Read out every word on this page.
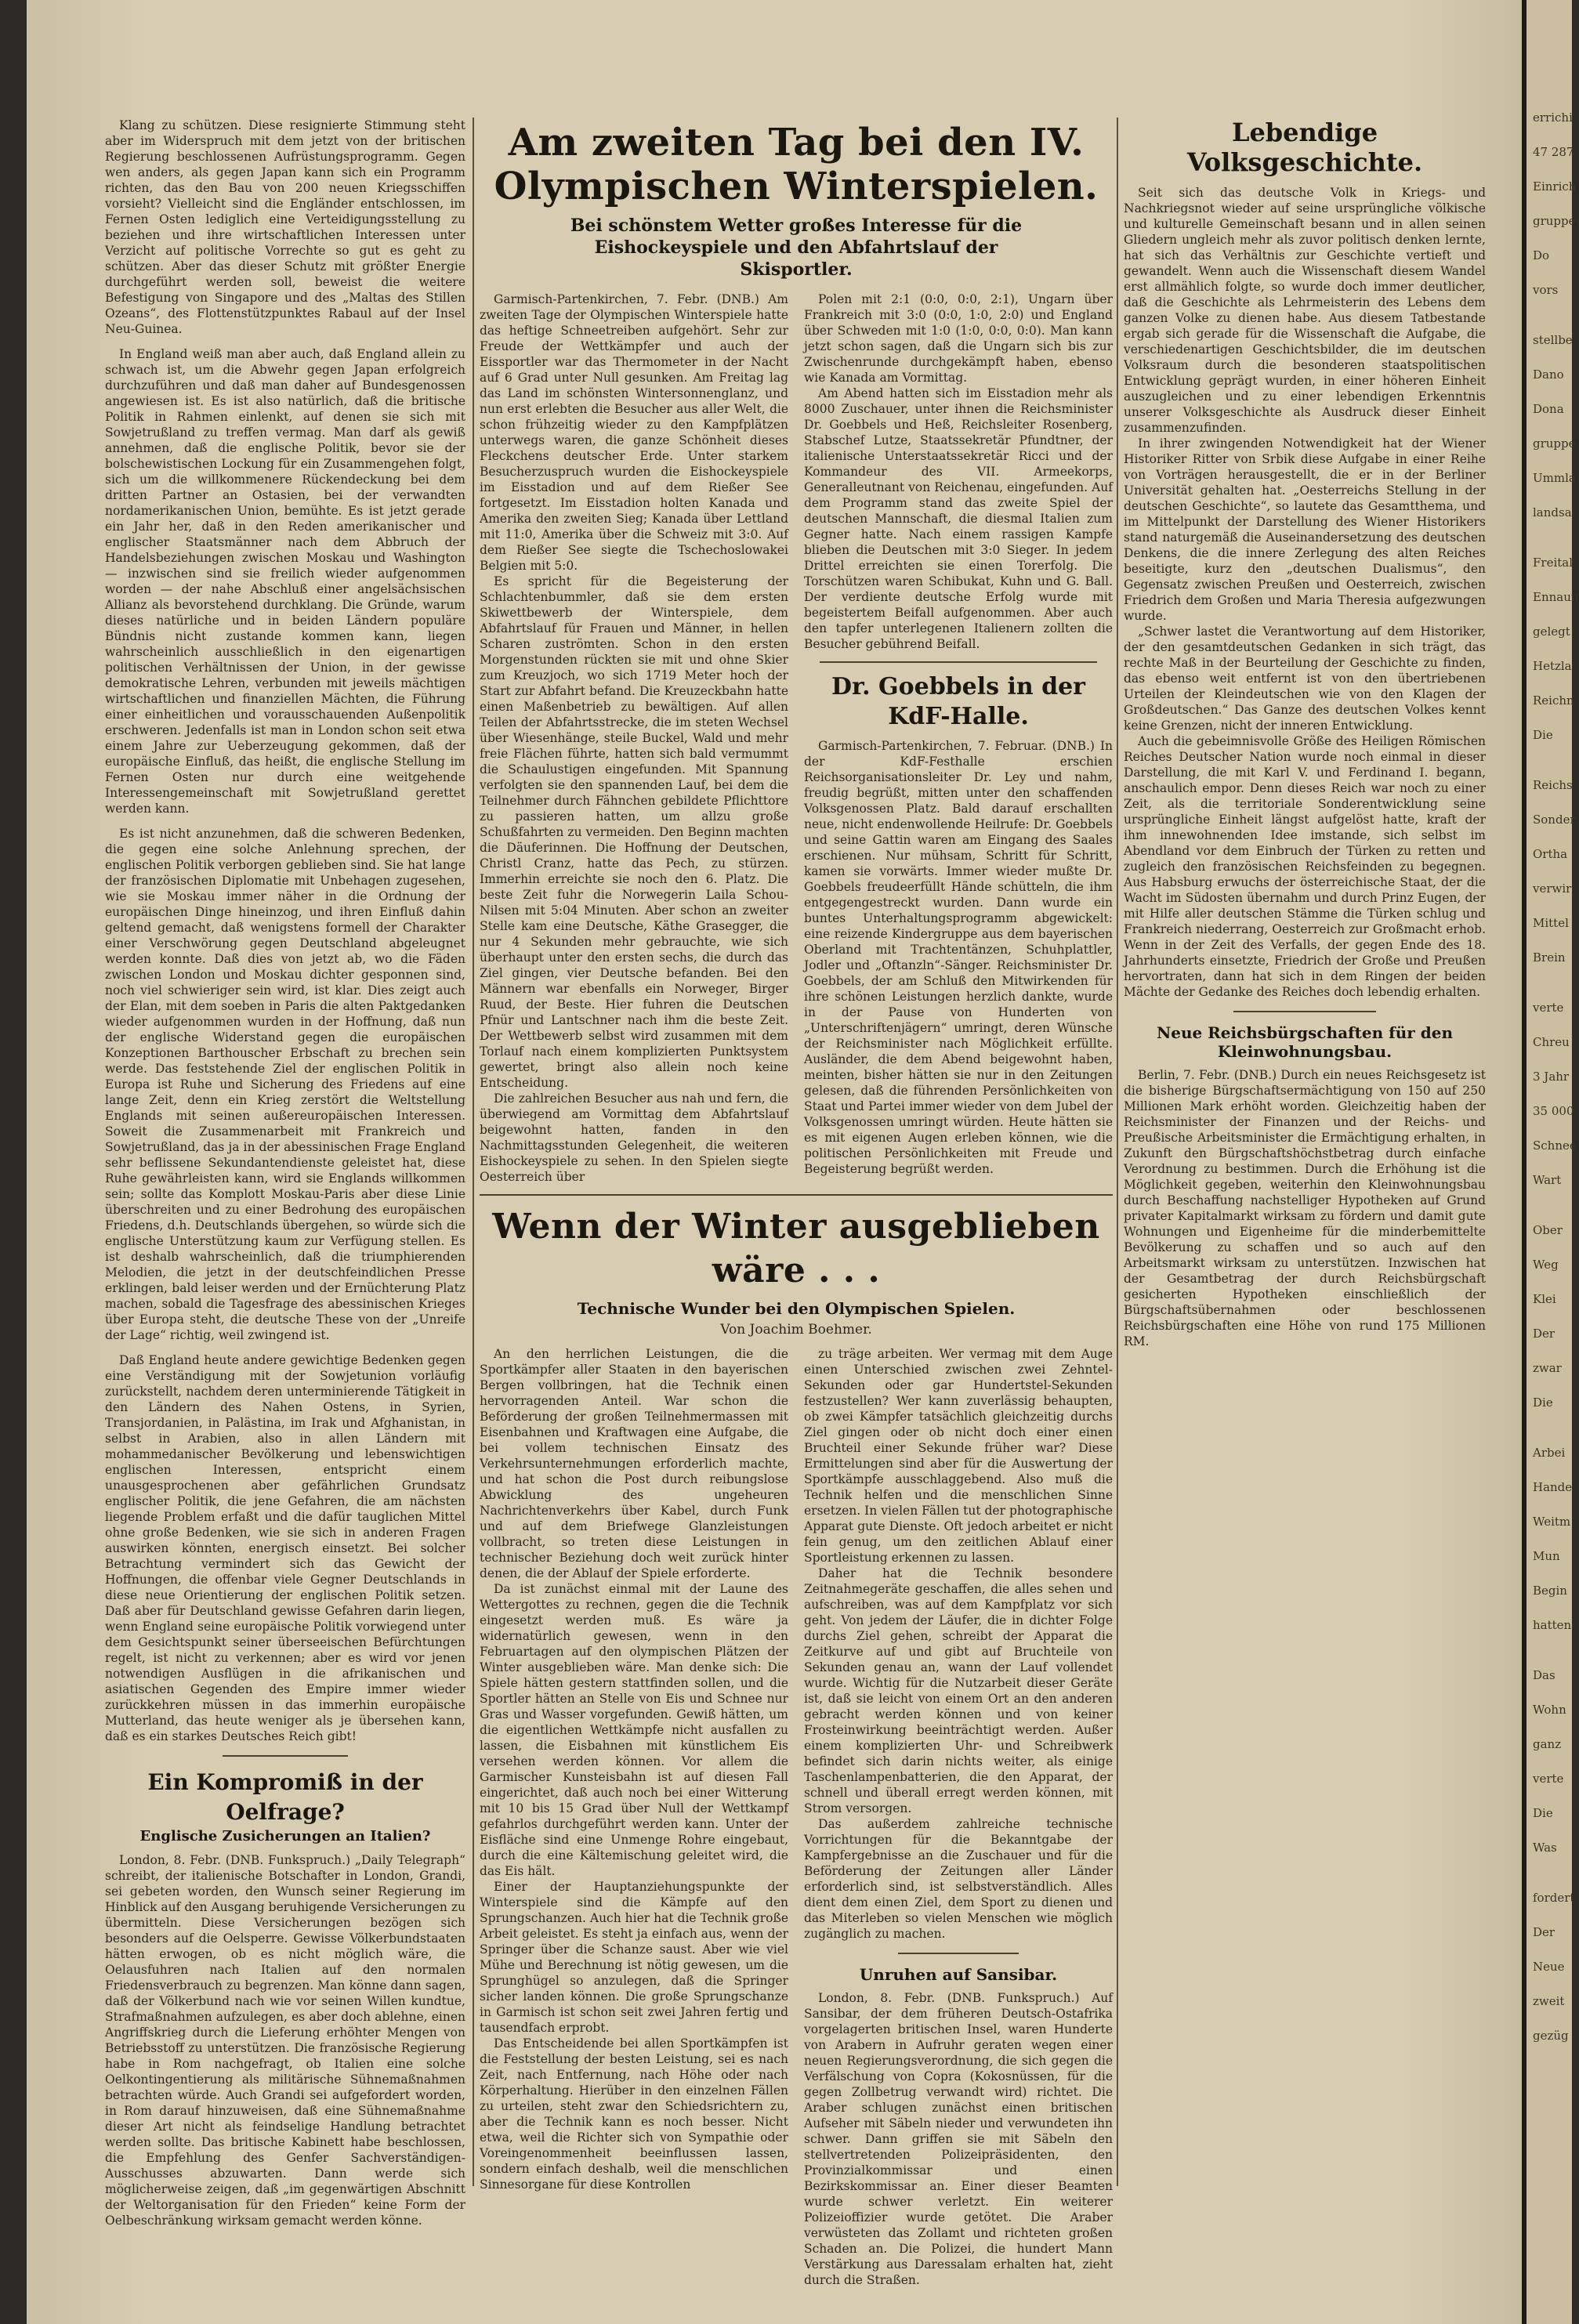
Klang zu schützen. Diese resignierte Stimmung steht aber im Widerspruch mit dem jetzt von der britischen Regierung beschlossenen Aufrüstungsprogramm. Gegen wen anders, als gegen Japan kann sich ein Programm richten, das den Bau von 200 neuen Kriegsschiffen vorsieht? Vielleicht sind die Engländer entschlossen, im Fernen Osten lediglich eine Verteidigungsstellung zu beziehen und ihre wirtschaftlichen Interessen unter Verzicht auf politische Vorrechte so gut es geht zu schützen. Aber das dieser Schutz mit größter Energie durchgeführt werden soll, beweist die weitere Befestigung von Singapore und des „Maltas des Stillen Ozeans“, des Flottenstützpunktes Rabaul auf der Insel Neu-Guinea.

In England weiß man aber auch, daß England allein zu schwach ist, um die Abwehr gegen Japan erfolgreich durchzuführen und daß man daher auf Bundesgenossen angewiesen ist. Es ist also natürlich, daß die britische Politik in Rahmen einlenkt, auf denen sie sich mit Sowjetrußland zu treffen vermag. Man darf als gewiß annehmen, daß die englische Politik, bevor sie der bolschewistischen Lockung für ein Zusammengehen folgt, sich um die willkommenere Rückendeckung bei dem dritten Partner an Ostasien, bei der verwandten nordamerikanischen Union, bemühte. Es ist jetzt gerade ein Jahr her, daß in den Reden amerikanischer und englischer Staatsmänner nach dem Abbruch der Handelsbeziehungen zwischen Moskau und Washington — inzwischen sind sie freilich wieder aufgenommen worden — der nahe Abschluß einer angelsächsischen Allianz als bevorstehend durchklang. Die Gründe, warum dieses natürliche und in beiden Ländern populäre Bündnis nicht zustande kommen kann, liegen wahrscheinlich ausschließlich in den eigenartigen politischen Verhältnissen der Union, in der gewisse demokratische Lehren, verbunden mit jeweils mächtigen wirtschaftlichen und finanziellen Mächten, die Führung einer einheitlichen und vorausschauenden Außenpolitik erschweren. Jedenfalls ist man in London schon seit etwa einem Jahre zur Ueberzeugung gekommen, daß der europäische Einfluß, das heißt, die englische Stellung im Fernen Osten nur durch eine weitgehende Interessengemeinschaft mit Sowjetrußland gerettet werden kann.

Es ist nicht anzunehmen, daß die schweren Bedenken, die gegen eine solche Anlehnung sprechen, der englischen Politik verborgen geblieben sind. Sie hat lange der französischen Diplomatie mit Unbehagen zugesehen, wie sie Moskau immer näher in die Ordnung der europäischen Dinge hineinzog, und ihren Einfluß dahin geltend gemacht, daß wenigstens formell der Charakter einer Verschwörung gegen Deutschland abgeleugnet werden konnte. Daß dies von jetzt ab, wo die Fäden zwischen London und Moskau dichter gesponnen sind, noch viel schwieriger sein wird, ist klar. Dies zeigt auch der Elan, mit dem soeben in Paris die alten Paktgedanken wieder aufgenommen wurden in der Hoffnung, daß nun der englische Widerstand gegen die europäischen Konzeptionen Barthouscher Erbschaft zu brechen sein werde. Das feststehende Ziel der englischen Politik in Europa ist Ruhe und Sicherung des Friedens auf eine lange Zeit, denn ein Krieg zerstört die Weltstellung Englands mit seinen außereuropäischen Interessen. Soweit die Zusammenarbeit mit Frankreich und Sowjetrußland, das ja in der abessinischen Frage England sehr beflissene Sekundantendienste geleistet hat, diese Ruhe gewährleisten kann, wird sie Englands willkommen sein; sollte das Komplott Moskau-Paris aber diese Linie überschreiten und zu einer Bedrohung des europäischen Friedens, d.h. Deutschlands übergehen, so würde sich die englische Unterstützung kaum zur Verfügung stellen. Es ist deshalb wahrscheinlich, daß die triumphierenden Melodien, die jetzt in der deutschfeindlichen Presse erklingen, bald leiser werden und der Ernüchterung Platz machen, sobald die Tagesfrage des abessinischen Krieges über Europa steht, die deutsche These von der „Unreife der Lage“ richtig, weil zwingend ist.

Daß England heute andere gewichtige Bedenken gegen eine Verständigung mit der Sowjetunion vorläufig zurückstellt, nachdem deren unterminierende Tätigkeit in den Ländern des Nahen Ostens, in Syrien, Transjordanien, in Palästina, im Irak und Afghanistan, in selbst in Arabien, also in allen Ländern mit mohammedanischer Bevölkerung und lebenswichtigen englischen Interessen, entspricht einem unausgesprochenen aber gefährlichen Grundsatz englischer Politik, die jene Gefahren, die am nächsten liegende Problem erfaßt und die dafür tauglichen Mittel ohne große Bedenken, wie sie sich in anderen Fragen auswirken könnten, energisch einsetzt. Bei solcher Betrachtung vermindert sich das Gewicht der Hoffnungen, die offenbar viele Gegner Deutschlands in diese neue Orientierung der englischen Politik setzen. Daß aber für Deutschland gewisse Gefahren darin liegen, wenn England seine europäische Politik vorwiegend unter dem Gesichtspunkt seiner überseeischen Befürchtungen regelt, ist nicht zu verkennen; aber es wird vor jenen notwendigen Ausflügen in die afrikanischen und asiatischen Gegenden des Empire immer wieder zurückkehren müssen in das immerhin europäische Mutterland, das heute weniger als je übersehen kann, daß es ein starkes Deutsches Reich gibt!

Ein Kompromiß in der Oelfrage?
Englische Zusicherungen an Italien?

London, 8. Febr. (DNB. Funkspruch.) „Daily Telegraph“ schreibt, der italienische Botschafter in London, Grandi, sei gebeten worden, den Wunsch seiner Regierung im Hinblick auf den Ausgang beruhigende Versicherungen zu übermitteln. Diese Versicherungen bezögen sich besonders auf die Oelsperre. Gewisse Völkerbundstaaten hätten erwogen, ob es nicht möglich wäre, die Oelausfuhren nach Italien auf den normalen Friedensverbrauch zu begrenzen. Man könne dann sagen, daß der Völkerbund nach wie vor seinen Willen kundtue, Strafmaßnahmen aufzulegen, es aber doch ablehne, einen Angriffskrieg durch die Lieferung erhöhter Mengen von Betriebsstoff zu unterstützen. Die französische Regierung habe in Rom nachgefragt, ob Italien eine solche Oelkontingentierung als militärische Sühnemaßnahmen betrachten würde. Auch Grandi sei aufgefordert worden, in Rom darauf hinzuweisen, daß eine Sühnemaßnahme dieser Art nicht als feindselige Handlung betrachtet werden sollte. Das britische Kabinett habe beschlossen, die Empfehlung des Genfer Sachverständigen-Ausschusses abzuwarten. Dann werde sich möglicherweise zeigen, daß „im gegenwärtigen Abschnitt der Weltorganisation für den Frieden“ keine Form der Oelbeschränkung wirksam gemacht werden könne.

Am zweiten Tag bei den IV. Olympischen Winterspielen.
Bei schönstem Wetter großes Interesse für die Eishockeyspiele und den Abfahrtslauf der Skisportler.

Garmisch-Partenkirchen, 7. Febr. (DNB.) Am zweiten Tage der Olympischen Winterspiele hatte das heftige Schneetreiben aufgehört. Sehr zur Freude der Wettkämpfer und auch der Eissportler war das Thermometer in der Nacht auf 6 Grad unter Null gesunken. Am Freitag lag das Land im schönsten Wintersonnenglanz, und nun erst erlebten die Besucher aus aller Welt, die schon frühzeitig wieder zu den Kampfplätzen unterwegs waren, die ganze Schönheit dieses Fleckchens deutscher Erde. Unter starkem Besucherzuspruch wurden die Eishockeyspiele im Eisstadion und auf dem Rießer See fortgesetzt. Im Eisstadion holten Kanada und Amerika den zweiten Sieg; Kanada über Lettland mit 11:0, Amerika über die Schweiz mit 3:0. Auf dem Rießer See siegte die Tschechoslowakei Belgien mit 5:0.

Es spricht für die Begeisterung der Schlachtenbummler, daß sie dem ersten Skiwettbewerb der Winterspiele, dem Abfahrtslauf für Frauen und Männer, in hellen Scharen zuströmten. Schon in den ersten Morgenstunden rückten sie mit und ohne Skier zum Kreuzjoch, wo sich 1719 Meter hoch der Start zur Abfahrt befand. Die Kreuzeckbahn hatte einen Maßenbetrieb zu bewältigen. Auf allen Teilen der Abfahrtsstrecke, die im steten Wechsel über Wiesenhänge, steile Buckel, Wald und mehr freie Flächen führte, hatten sich bald vermummt die Schaulustigen eingefunden. Mit Spannung verfolgten sie den spannenden Lauf, bei dem die Teilnehmer durch Fähnchen gebildete Pflichttore zu passieren hatten, um allzu große Schußfahrten zu vermeiden. Den Beginn machten die Däuferinnen. Die Hoffnung der Deutschen, Christl Cranz, hatte das Pech, zu stürzen. Immerhin erreichte sie noch den 6. Platz. Die beste Zeit fuhr die Norwegerin Laila Schou-Nilsen mit 5:04 Minuten. Aber schon an zweiter Stelle kam eine Deutsche, Käthe Grasegger, die nur 4 Sekunden mehr gebrauchte, wie sich überhaupt unter den ersten sechs, die durch das Ziel gingen, vier Deutsche befanden. Bei den Männern war ebenfalls ein Norweger, Birger Ruud, der Beste. Hier fuhren die Deutschen Pfnür und Lantschner nach ihm die beste Zeit. Der Wettbewerb selbst wird zusammen mit dem Torlauf nach einem komplizierten Punktsystem gewertet, bringt also allein noch keine Entscheidung.

Die zahlreichen Besucher aus nah und fern, die überwiegend am Vormittag dem Abfahrtslauf beigewohnt hatten, fanden in den Nachmittagsstunden Gelegenheit, die weiteren Eishockeyspiele zu sehen. In den Spielen siegte Oesterreich über

Polen mit 2:1 (0:0, 0:0, 2:1), Ungarn über Frankreich mit 3:0 (0:0, 1:0, 2:0) und England über Schweden mit 1:0 (1:0, 0:0, 0:0). Man kann jetzt schon sagen, daß die Ungarn sich bis zur Zwischenrunde durchgekämpft haben, ebenso wie Kanada am Vormittag.

Am Abend hatten sich im Eisstadion mehr als 8000 Zuschauer, unter ihnen die Reichsminister Dr. Goebbels und Heß, Reichsleiter Rosenberg, Stabschef Lutze, Staatssekretär Pfundtner, der italienische Unterstaatssekretär Ricci und der Kommandeur des VII. Armeekorps, Generalleutnant von Reichenau, eingefunden. Auf dem Programm stand das zweite Spiel der deutschen Mannschaft, die diesmal Italien zum Gegner hatte. Nach einem rassigen Kampfe blieben die Deutschen mit 3:0 Sieger. In jedem Drittel erreichten sie einen Torerfolg. Die Torschützen waren Schibukat, Kuhn und G. Ball. Der verdiente deutsche Erfolg wurde mit begeistertem Beifall aufgenommen. Aber auch den tapfer unterlegenen Italienern zollten die Besucher gebührend Beifall.

Dr. Goebbels in der KdF-Halle.

Garmisch-Partenkirchen, 7. Februar. (DNB.) In der KdF-Festhalle erschien Reichsorganisationsleiter Dr. Ley und nahm, freudig begrüßt, mitten unter den schaffenden Volksgenossen Platz. Bald darauf erschallten neue, nicht endenwollende Heilrufe: Dr. Goebbels und seine Gattin waren am Eingang des Saales erschienen. Nur mühsam, Schritt für Schritt, kamen sie vorwärts. Immer wieder mußte Dr. Goebbels freudeerfüllt Hände schütteln, die ihm entgegengestreckt wurden. Dann wurde ein buntes Unterhaltungsprogramm abgewickelt: eine reizende Kindergruppe aus dem bayerischen Oberland mit Trachtentänzen, Schuhplattler, Jodler und „Oftanzln“-Sänger. Reichsminister Dr. Goebbels, der am Schluß den Mitwirkenden für ihre schönen Leistungen herzlich dankte, wurde in der Pause von Hunderten von „Unterschriftenjägern“ umringt, deren Wünsche der Reichsminister nach Möglichkeit erfüllte. Ausländer, die dem Abend beigewohnt haben, meinten, bisher hätten sie nur in den Zeitungen gelesen, daß die führenden Persönlichkeiten von Staat und Partei immer wieder von dem Jubel der Volksgenossen umringt würden. Heute hätten sie es mit eigenen Augen erleben können, wie die politischen Persönlichkeiten mit Freude und Begeisterung begrüßt werden.

Wenn der Winter ausgeblieben wäre . . .
Technische Wunder bei den Olympischen Spielen.
Von Joachim Boehmer.

An den herrlichen Leistungen, die die Sportkämpfer aller Staaten in den bayerischen Bergen vollbringen, hat die Technik einen hervorragenden Anteil. War schon die Beförderung der großen Teilnehmermassen mit Eisenbahnen und Kraftwagen eine Aufgabe, die bei vollem technischen Einsatz des Verkehrsunternehmungen erforderlich machte, und hat schon die Post durch reibungslose Abwicklung des ungeheuren Nachrichtenverkehrs über Kabel, durch Funk und auf dem Briefwege Glanzleistungen vollbracht, so treten diese Leistungen in technischer Beziehung doch weit zurück hinter denen, die der Ablauf der Spiele erforderte.

Da ist zunächst einmal mit der Laune des Wettergottes zu rechnen, gegen die die Technik eingesetzt werden muß. Es wäre ja widernatürlich gewesen, wenn in den Februartagen auf den olympischen Plätzen der Winter ausgeblieben wäre. Man denke sich: Die Spiele hätten gestern stattfinden sollen, und die Sportler hätten an Stelle von Eis und Schnee nur Gras und Wasser vorgefunden. Gewiß hätten, um die eigentlichen Wettkämpfe nicht ausfallen zu lassen, die Eisbahnen mit künstlichem Eis versehen werden können. Vor allem die Garmischer Kunsteisbahn ist auf diesen Fall eingerichtet, daß auch noch bei einer Witterung mit 10 bis 15 Grad über Null der Wettkampf gefahrlos durchgeführt werden kann. Unter der Eisfläche sind eine Unmenge Rohre eingebaut, durch die eine Kältemischung geleitet wird, die das Eis hält.

Einer der Hauptanziehungspunkte der Winterspiele sind die Kämpfe auf den Sprungschanzen. Auch hier hat die Technik große Arbeit geleistet. Es steht ja einfach aus, wenn der Springer über die Schanze saust. Aber wie viel Mühe und Berechnung ist nötig gewesen, um die Sprunghügel so anzulegen, daß die Springer sicher landen können. Die große Sprungschanze in Garmisch ist schon seit zwei Jahren fertig und tausendfach erprobt.

Das Entscheidende bei allen Sportkämpfen ist die Feststellung der besten Leistung, sei es nach Zeit, nach Entfernung, nach Höhe oder nach Körperhaltung. Hierüber in den einzelnen Fällen zu urteilen, steht zwar den Schiedsrichtern zu, aber die Technik kann es noch besser. Nicht etwa, weil die Richter sich von Sympathie oder Voreingenommenheit beeinflussen lassen, sondern einfach deshalb, weil die menschlichen Sinnesorgane für diese Kontrollen

zu träge arbeiten. Wer vermag mit dem Auge einen Unterschied zwischen zwei Zehntel-Sekunden oder gar Hundertstel-Sekunden festzustellen? Wer kann zuverlässig behaupten, ob zwei Kämpfer tatsächlich gleichzeitig durchs Ziel gingen oder ob nicht doch einer einen Bruchteil einer Sekunde früher war? Diese Ermittelungen sind aber für die Auswertung der Sportkämpfe ausschlaggebend. Also muß die Technik helfen und die menschlichen Sinne ersetzen. In vielen Fällen tut der photographische Apparat gute Dienste. Oft jedoch arbeitet er nicht fein genug, um den zeitlichen Ablauf einer Sportleistung erkennen zu lassen.

Daher hat die Technik besondere Zeitnahmegeräte geschaffen, die alles sehen und aufschreiben, was auf dem Kampfplatz vor sich geht. Von jedem der Läufer, die in dichter Folge durchs Ziel gehen, schreibt der Apparat die Zeitkurve auf und gibt auf Bruchteile von Sekunden genau an, wann der Lauf vollendet wurde. Wichtig für die Nutzarbeit dieser Geräte ist, daß sie leicht von einem Ort an den anderen gebracht werden können und von keiner Frosteinwirkung beeinträchtigt werden. Außer einem komplizierten Uhr- und Schreibwerk befindet sich darin nichts weiter, als einige Taschenlampenbatterien, die den Apparat, der schnell und überall erregt werden können, mit Strom versorgen.

Das außerdem zahlreiche technische Vorrichtungen für die Bekanntgabe der Kampfergebnisse an die Zuschauer und für die Beförderung der Zeitungen aller Länder erforderlich sind, ist selbstverständlich. Alles dient dem einen Ziel, dem Sport zu dienen und das Miterleben so vielen Menschen wie möglich zugänglich zu machen.

Unruhen auf Sansibar.

London, 8. Febr. (DNB. Funkspruch.) Auf Sansibar, der dem früheren Deutsch-Ostafrika vorgelagerten britischen Insel, waren Hunderte von Arabern in Aufruhr geraten wegen einer neuen Regierungsverordnung, die sich gegen die Verfälschung von Copra (Kokosnüssen, für die gegen Zollbetrug verwandt wird) richtet. Die Araber schlugen zunächst einen britischen Aufseher mit Säbeln nieder und verwundeten ihn schwer. Dann griffen sie mit Säbeln den stellvertretenden Polizeipräsidenten, den Provinzialkommissar und einen Bezirkskommissar an. Einer dieser Beamten wurde schwer verletzt. Ein weiterer Polizeioffizier wurde getötet. Die Araber verwüsteten das Zollamt und richteten großen Schaden an. Die Polizei, die hundert Mann Verstärkung aus Daressalam erhalten hat, zieht durch die Straßen.

Lebendige Volksgeschichte.

Seit sich das deutsche Volk in Kriegs- und Nachkriegsnot wieder auf seine ursprüngliche völkische und kulturelle Gemeinschaft besann und in allen seinen Gliedern ungleich mehr als zuvor politisch denken lernte, hat sich das Verhältnis zur Geschichte vertieft und gewandelt. Wenn auch die Wissenschaft diesem Wandel erst allmählich folgte, so wurde doch immer deutlicher, daß die Geschichte als Lehrmeisterin des Lebens dem ganzen Volke zu dienen habe. Aus diesem Tatbestande ergab sich gerade für die Wissenschaft die Aufgabe, die verschiedenartigen Geschichtsbilder, die im deutschen Volksraum durch die besonderen staatspolitischen Entwicklung geprägt wurden, in einer höheren Einheit auszugleichen und zu einer lebendigen Erkenntnis unserer Volksgeschichte als Ausdruck dieser Einheit zusammenzufinden.

In ihrer zwingenden Notwendigkeit hat der Wiener Historiker Ritter von Srbik diese Aufgabe in einer Reihe von Vorträgen herausgestellt, die er in der Berliner Universität gehalten hat. „Oesterreichs Stellung in der deutschen Geschichte“, so lautete das Gesamtthema, und im Mittelpunkt der Darstellung des Wiener Historikers stand naturgemäß die Auseinandersetzung des deutschen Denkens, die die innere Zerlegung des alten Reiches beseitigte, kurz den „deutschen Dualismus“, den Gegensatz zwischen Preußen und Oesterreich, zwischen Friedrich dem Großen und Maria Theresia aufgezwungen wurde.

„Schwer lastet die Verantwortung auf dem Historiker, der den gesamtdeutschen Gedanken in sich trägt, das rechte Maß in der Beurteilung der Geschichte zu finden, das ebenso weit entfernt ist von den übertriebenen Urteilen der Kleindeutschen wie von den Klagen der Großdeutschen.“ Das Ganze des deutschen Volkes kennt keine Grenzen, nicht der inneren Entwicklung.

Auch die gebeimnisvolle Größe des Heiligen Römischen Reiches Deutscher Nation wurde noch einmal in dieser Darstellung, die mit Karl V. und Ferdinand I. begann, anschaulich empor. Denn dieses Reich war noch zu einer Zeit, als die territoriale Sonderentwicklung seine ursprüngliche Einheit längst aufgelöst hatte, kraft der ihm innewohnenden Idee imstande, sich selbst im Abendland vor dem Einbruch der Türken zu retten und zugleich den französischen Reichsfeinden zu begegnen. Aus Habsburg erwuchs der österreichische Staat, der die Wacht im Südosten übernahm und durch Prinz Eugen, der mit Hilfe aller deutschen Stämme die Türken schlug und Frankreich niederrang, Oesterreich zur Großmacht erhob. Wenn in der Zeit des Verfalls, der gegen Ende des 18. Jahrhunderts einsetzte, Friedrich der Große und Preußen hervortraten, dann hat sich in dem Ringen der beiden Mächte der Gedanke des Reiches doch lebendig erhalten.

Neue Reichsbürgschaften für den Kleinwohnungsbau.

Berlin, 7. Febr. (DNB.) Durch ein neues Reichsgesetz ist die bisherige Bürgschaftsermächtigung von 150 auf 250 Millionen Mark erhöht worden. Gleichzeitig haben der Reichsminister der Finanzen und der Reichs- und Preußische Arbeitsminister die Ermächtigung erhalten, in Zukunft den Bürgschaftshöchstbetrag durch einfache Verordnung zu bestimmen. Durch die Erhöhung ist die Möglichkeit gegeben, weiterhin den Kleinwohnungsbau durch Beschaffung nachstelliger Hypotheken auf Grund privater Kapitalmarkt wirksam zu fördern und damit gute Wohnungen und Eigenheime für die minderbemittelte Bevölkerung zu schaffen und so auch auf den Arbeitsmarkt wirksam zu unterstützen. Inzwischen hat der Gesamtbetrag der durch Reichsbürgschaft gesicherten Hypotheken einschließlich der Bürgschaftsübernahmen oder beschlossenen Reichsbürgschaften eine Höhe von rund 175 Millionen RM.

errichi
47 287
Einrich
gruppe
Do
vors
stellbe
Dano
Dona
gruppe
Ummla
landsa
Freital
Ennaun
gelegt
Hetzla
Reichn
Die
Reichs
Sonder
Ortha
verwir
Mittel
Brein
verte
Chreu
3 Jahr
35 000
Schnee
Wart
Ober
Weg
Klei
Der
zwar
Die
Arbei
Hande
Weitm
Mun
Begin
hatten
Das
Wohn
ganz
verte
Die
Was
fordert
Der
Neue
zweit
gezüg
